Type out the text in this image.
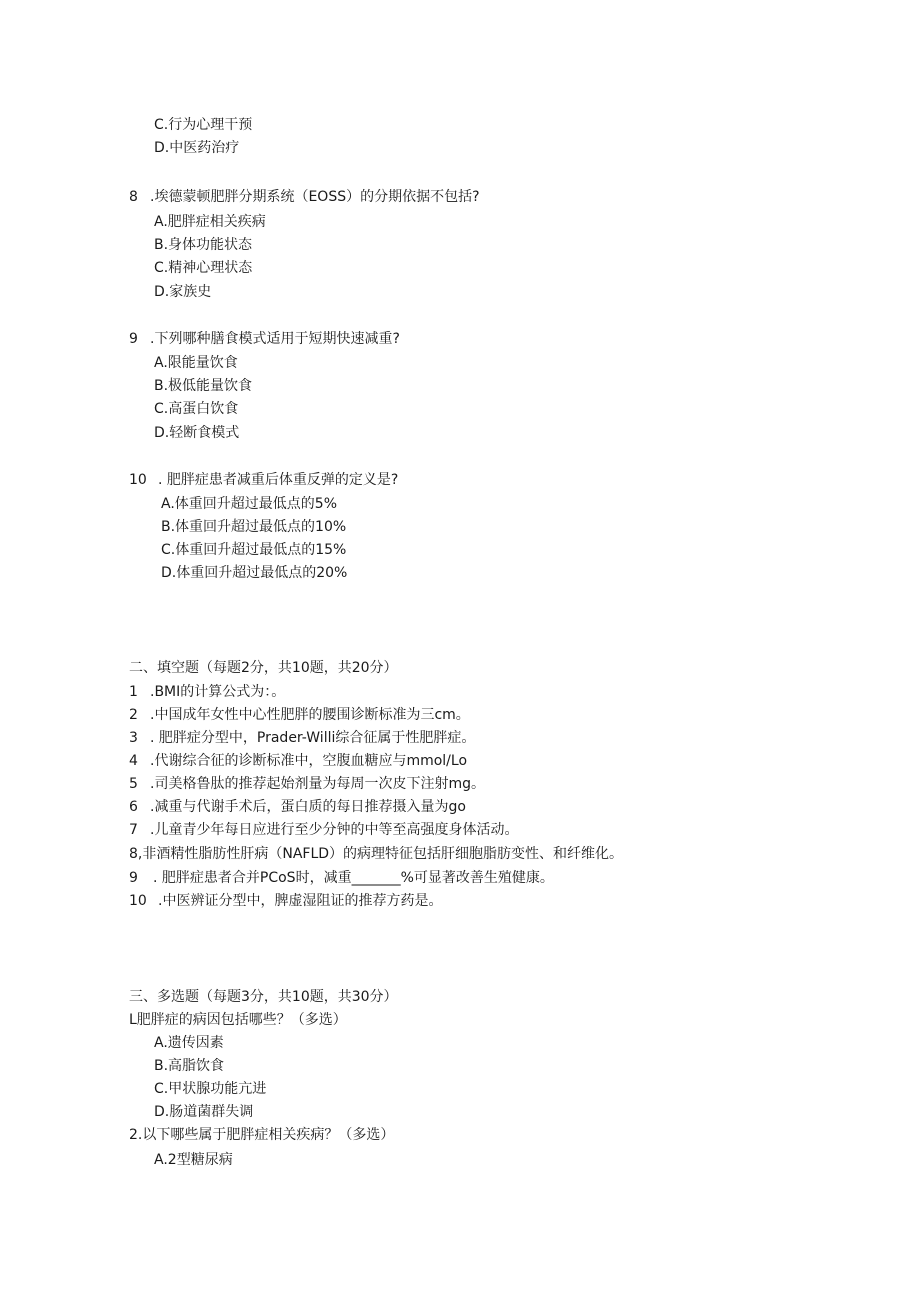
C.行为心理干预
D.中医药治疗
8 .埃德蒙顿肥胖分期系统（EOSS）的分期依据不包括?
A.肥胖症相关疾病
B.身体功能状态
C.精神心理状态
D.家族史
9 .下列哪种膳食模式适用于短期快速减重?
A.限能量饮食
B.极低能量饮食
C.高蛋白饮食
D.轻断食模式
10 . 肥胖症患者减重后体重反弹的定义是?
A.体重回升超过最低点的5%
B.体重回升超过最低点的10%
C.体重回升超过最低点的15%
D.体重回升超过最低点的20%
二、填空题（每题2分，共10题，共20分）
1 .BMI的计算公式为：。
2 .中国成年女性中心性肥胖的腰围诊断标准为三cm。
3 . 肥胖症分型中，Prader-Willi综合征属于性肥胖症。
4 .代谢综合征的诊断标准中，空腹血糖应与mmol/Lo
5 .司美格鲁肽的推荐起始剂量为每周一次皮下注射mg。
6 .减重与代谢手术后，蛋白质的每日推荐摄入量为go
7 .儿童青少年每日应进行至少分钟的中等至高强度身体活动。
8,非酒精性脂肪性肝病（NAFLD）的病理特征包括肝细胞脂肪变性、和纤维化。
9 . 肥胖症患者合并PCoS时，减重_______%可显著改善生殖健康。
10 .中医辨证分型中，脾虚湿阻证的推荐方药是。
三、多选题（每题3分，共10题，共30分）
L肥胖症的病因包括哪些？（多选）
A.遗传因素
B.高脂饮食
C.甲状腺功能亢进
D.肠道菌群失调
2.以下哪些属于肥胖症相关疾病？（多选）
A.2型糖尿病
